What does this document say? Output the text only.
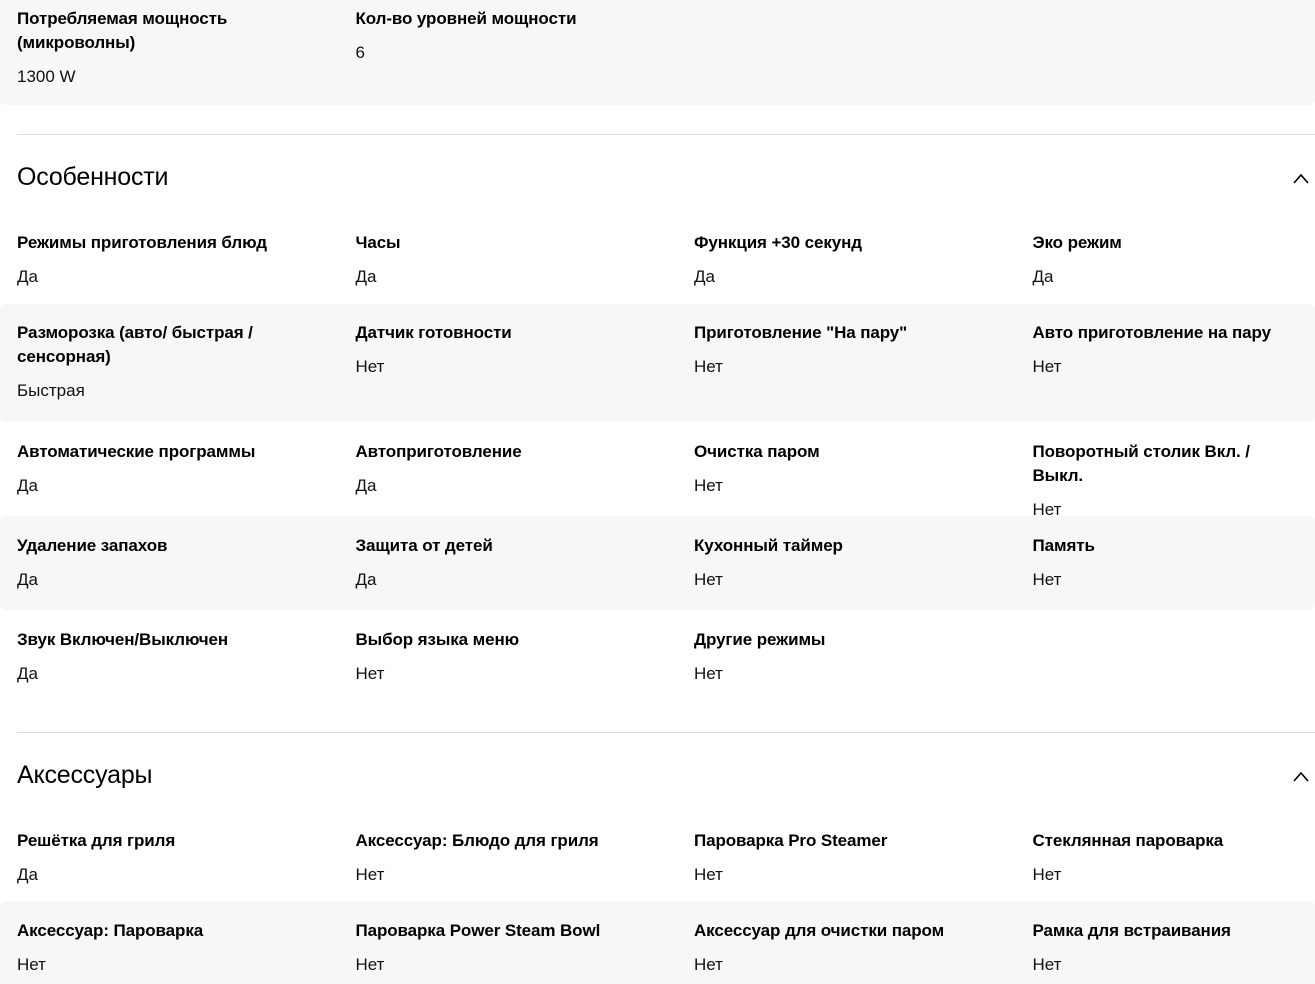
Потребляемая мощность (микроволны)
1300 W
Кол-во уровней мощности
6
Особенности
Режимы приготовления блюд
Да
Часы
Да
Функция +30 секунд
Да
Эко режим
Да
Разморозка (авто/ быстрая / сенсорная)
Быстрая
Датчик готовности
Нет
Приготовление "На пару"
Нет
Авто приготовление на пару
Нет
Автоматические программы
Да
Автоприготовление
Да
Очистка паром
Нет
Поворотный столик Вкл. /Выкл.
Нет
Удаление запахов
Да
Защита от детей
Да
Кухонный таймер
Нет
Память
Нет
Звук Включен/Выключен
Да
Выбор языка меню
Нет
Другие режимы
Нет
Аксессуары
Решётка для гриля
Да
Аксессуар: Блюдо для гриля
Нет
Пароварка Pro Steamer
Нет
Стеклянная пароварка
Нет
Аксессуар: Пароварка
Нет
Пароварка Power Steam Bowl
Нет
Аксессуар для очистки паром
Нет
Рамка для встраивания
Нет
